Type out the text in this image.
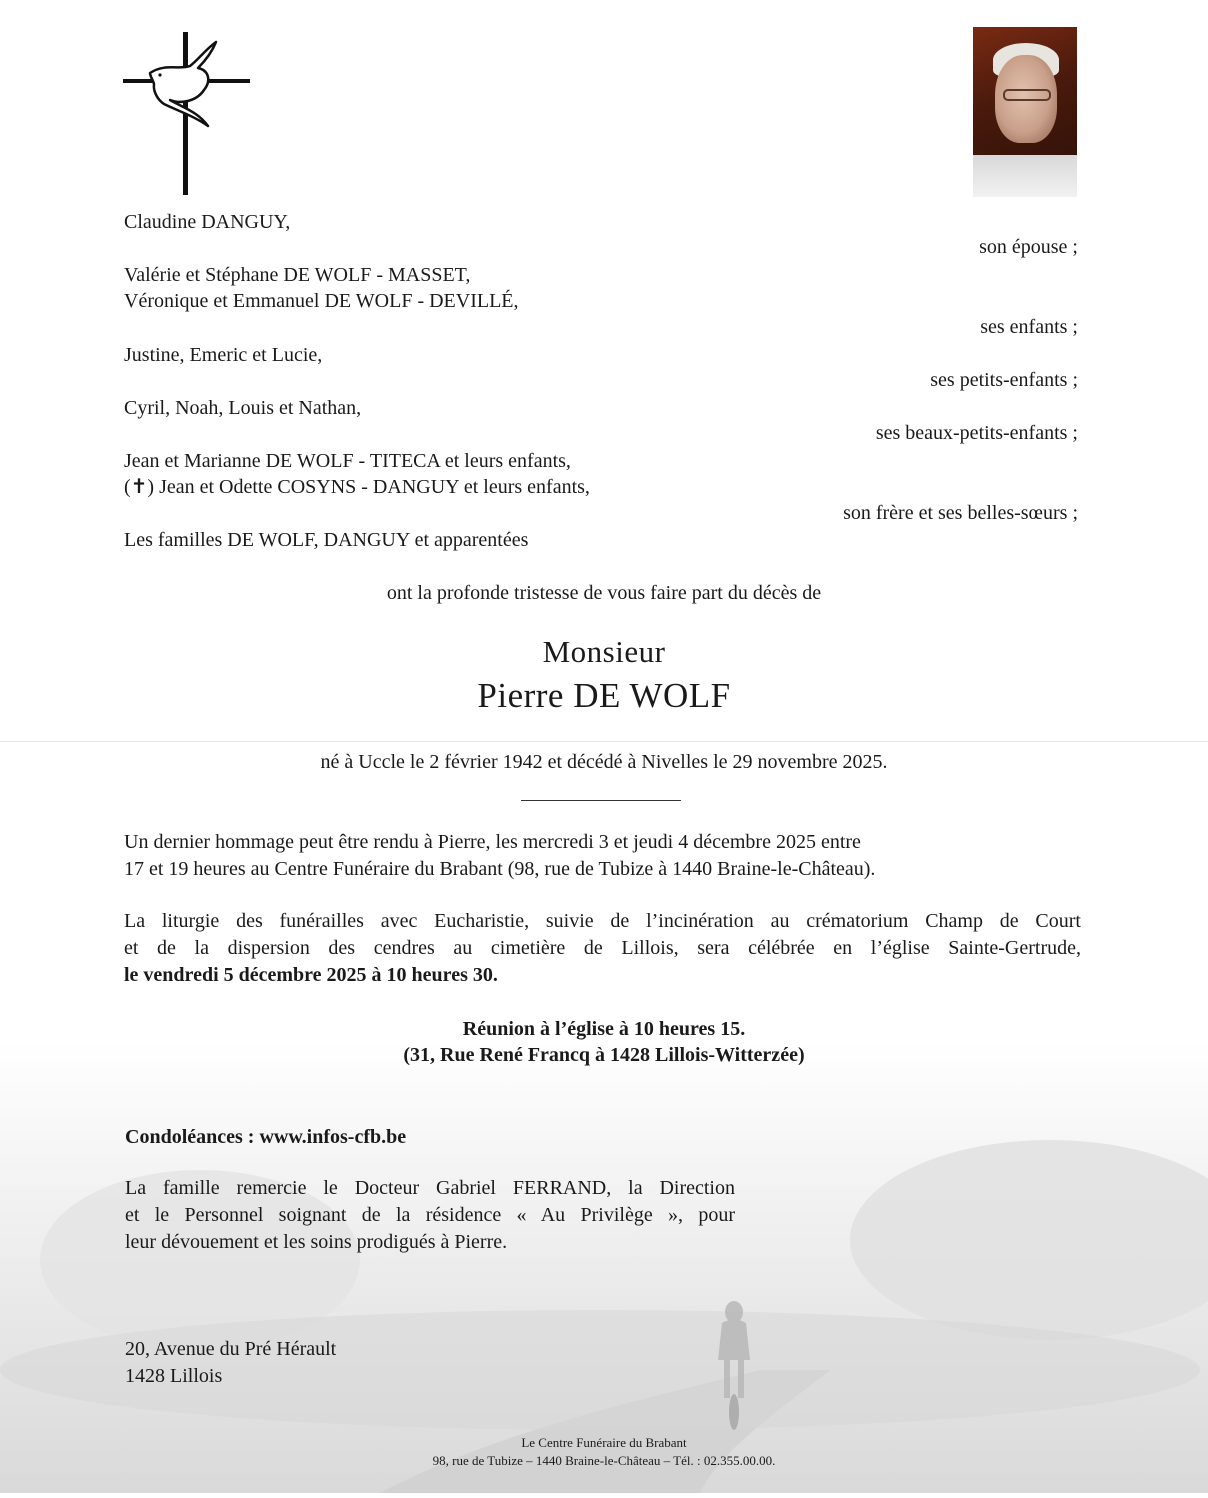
Claudine DANGUY,
son épouse ;
Valérie et Stéphane DE WOLF - MASSET,
Véronique et Emmanuel DE WOLF - DEVILLÉ,
ses enfants ;
Justine, Emeric et Lucie,
ses petits-enfants ;
Cyril, Noah, Louis et Nathan,
ses beaux-petits-enfants ;
Jean et Marianne DE WOLF - TITECA et leurs enfants,
(✝) Jean et Odette COSYNS - DANGUY et leurs enfants,
son frère et ses belles-sœurs ;
Les familles DE WOLF, DANGUY et apparentées
ont la profonde tristesse de vous faire part du décès de
Monsieur
Pierre DE WOLF
né à Uccle le 2 février 1942 et décédé à Nivelles le 29 novembre 2025.
Un dernier hommage peut être rendu à Pierre, les mercredi 3 et jeudi 4 décembre 2025 entre
17 et 19 heures au Centre Funéraire du Brabant (98, rue de Tubize à 1440 Braine-le-Château).
La liturgie des funérailles avec Eucharistie, suivie de l’incinération au crématorium Champ de Court
et de la dispersion des cendres au cimetière de Lillois, sera célébrée en l’église Sainte-Gertrude,
le vendredi 5 décembre 2025 à 10 heures 30.
Réunion à l’église à 10 heures 15.
(31, Rue René Francq à 1428 Lillois-Witterzée)
Condoléances : www.infos-cfb.be
La famille remercie le Docteur Gabriel FERRAND, la Direction
et le Personnel soignant de la résidence « Au Privilège », pour
leur dévouement et les soins prodigués à Pierre.
20, Avenue du Pré Hérault
1428 Lillois
Le Centre Funéraire du Brabant
98, rue de Tubize – 1440 Braine-le-Château – Tél. : 02.355.00.00.
